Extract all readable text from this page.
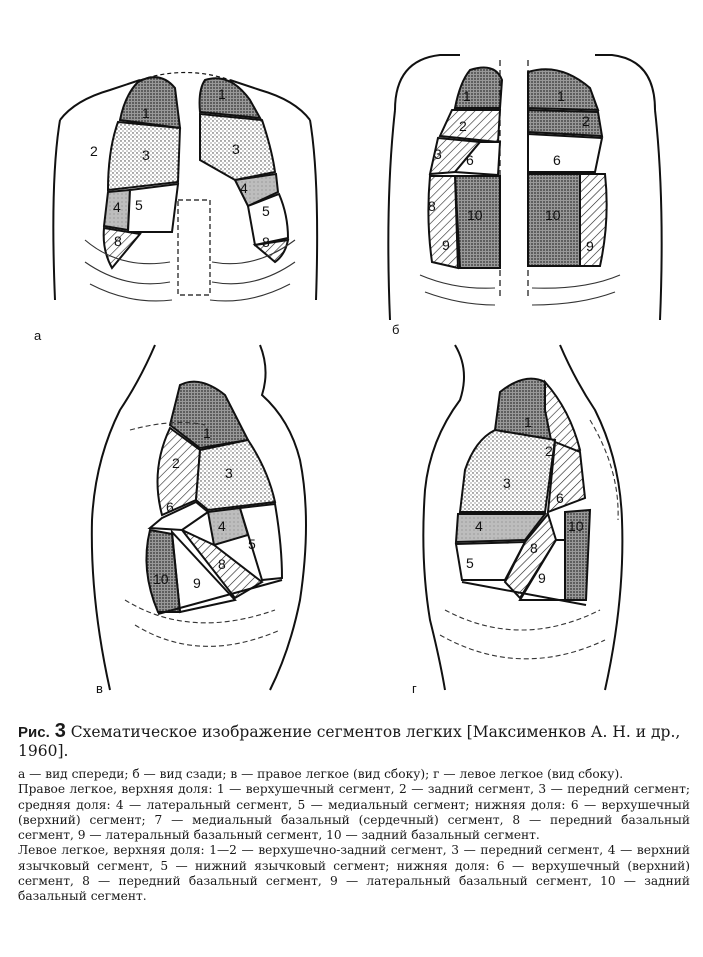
1
2	3
4 5
8
1
3
4
5
8
а
1
2
3 6
8
9
10
1
2
6
10
9
б
1
2
3
4
5
6
8
9
10
в
1
2
3
4
5
6
8
9
10
г

Рис. 3 Схематическое изображение сегментов легких [Максименков А. Н. и др., 1960].

а — вид спереди; б — вид сзади; в — правое легкое (вид сбоку); г — левое легкое (вид сбоку).

Правое легкое, верхняя доля: 1 — верхушечный сегмент, 2 — задний сегмент, 3 — передний сегмент; средняя доля: 4 — латеральный сегмент, 5 — медиальный сегмент; нижняя доля: 6 — верхушечный (верхний) сегмент; 7 — медиальный базальный (сердечный) сегмент, 8 — передний базальный сегмент, 9 — латеральный базальный сегмент, 10 — задний базальный сегмент.

Левое легкое, верхняя доля: 1—2 — верхушечно-задний сегмент, 3 — передний сегмент, 4 — верхний язычковый сегмент, 5 — нижний язычковый сегмент; нижняя доля: 6 — верхушечный (верхний) сегмент, 8 — передний базальный сегмент, 9 — латеральный базальный сегмент, 10 — задний базальный сегмент.
